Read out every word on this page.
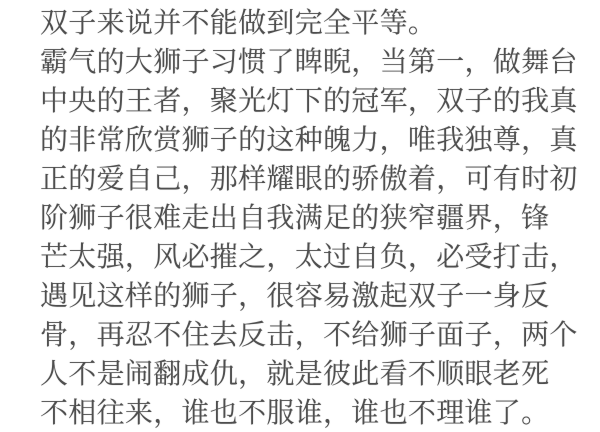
双子来说并不能做到完全平等。
霸气的大狮子习惯了睥睨，当第一，做舞台
中央的王者，聚光灯下的冠军，双子的我真
的非常欣赏狮子的这种魄力，唯我独尊，真
正的爱自己，那样耀眼的骄傲着，可有时初
阶狮子很难走出自我满足的狭窄疆界，锋
芒太强，风必摧之，太过自负，必受打击，
遇见这样的狮子，很容易激起双子一身反
骨，再忍不住去反击，不给狮子面子，两个
人不是闹翻成仇，就是彼此看不顺眼老死
不相往来，谁也不服谁，谁也不理谁了。
